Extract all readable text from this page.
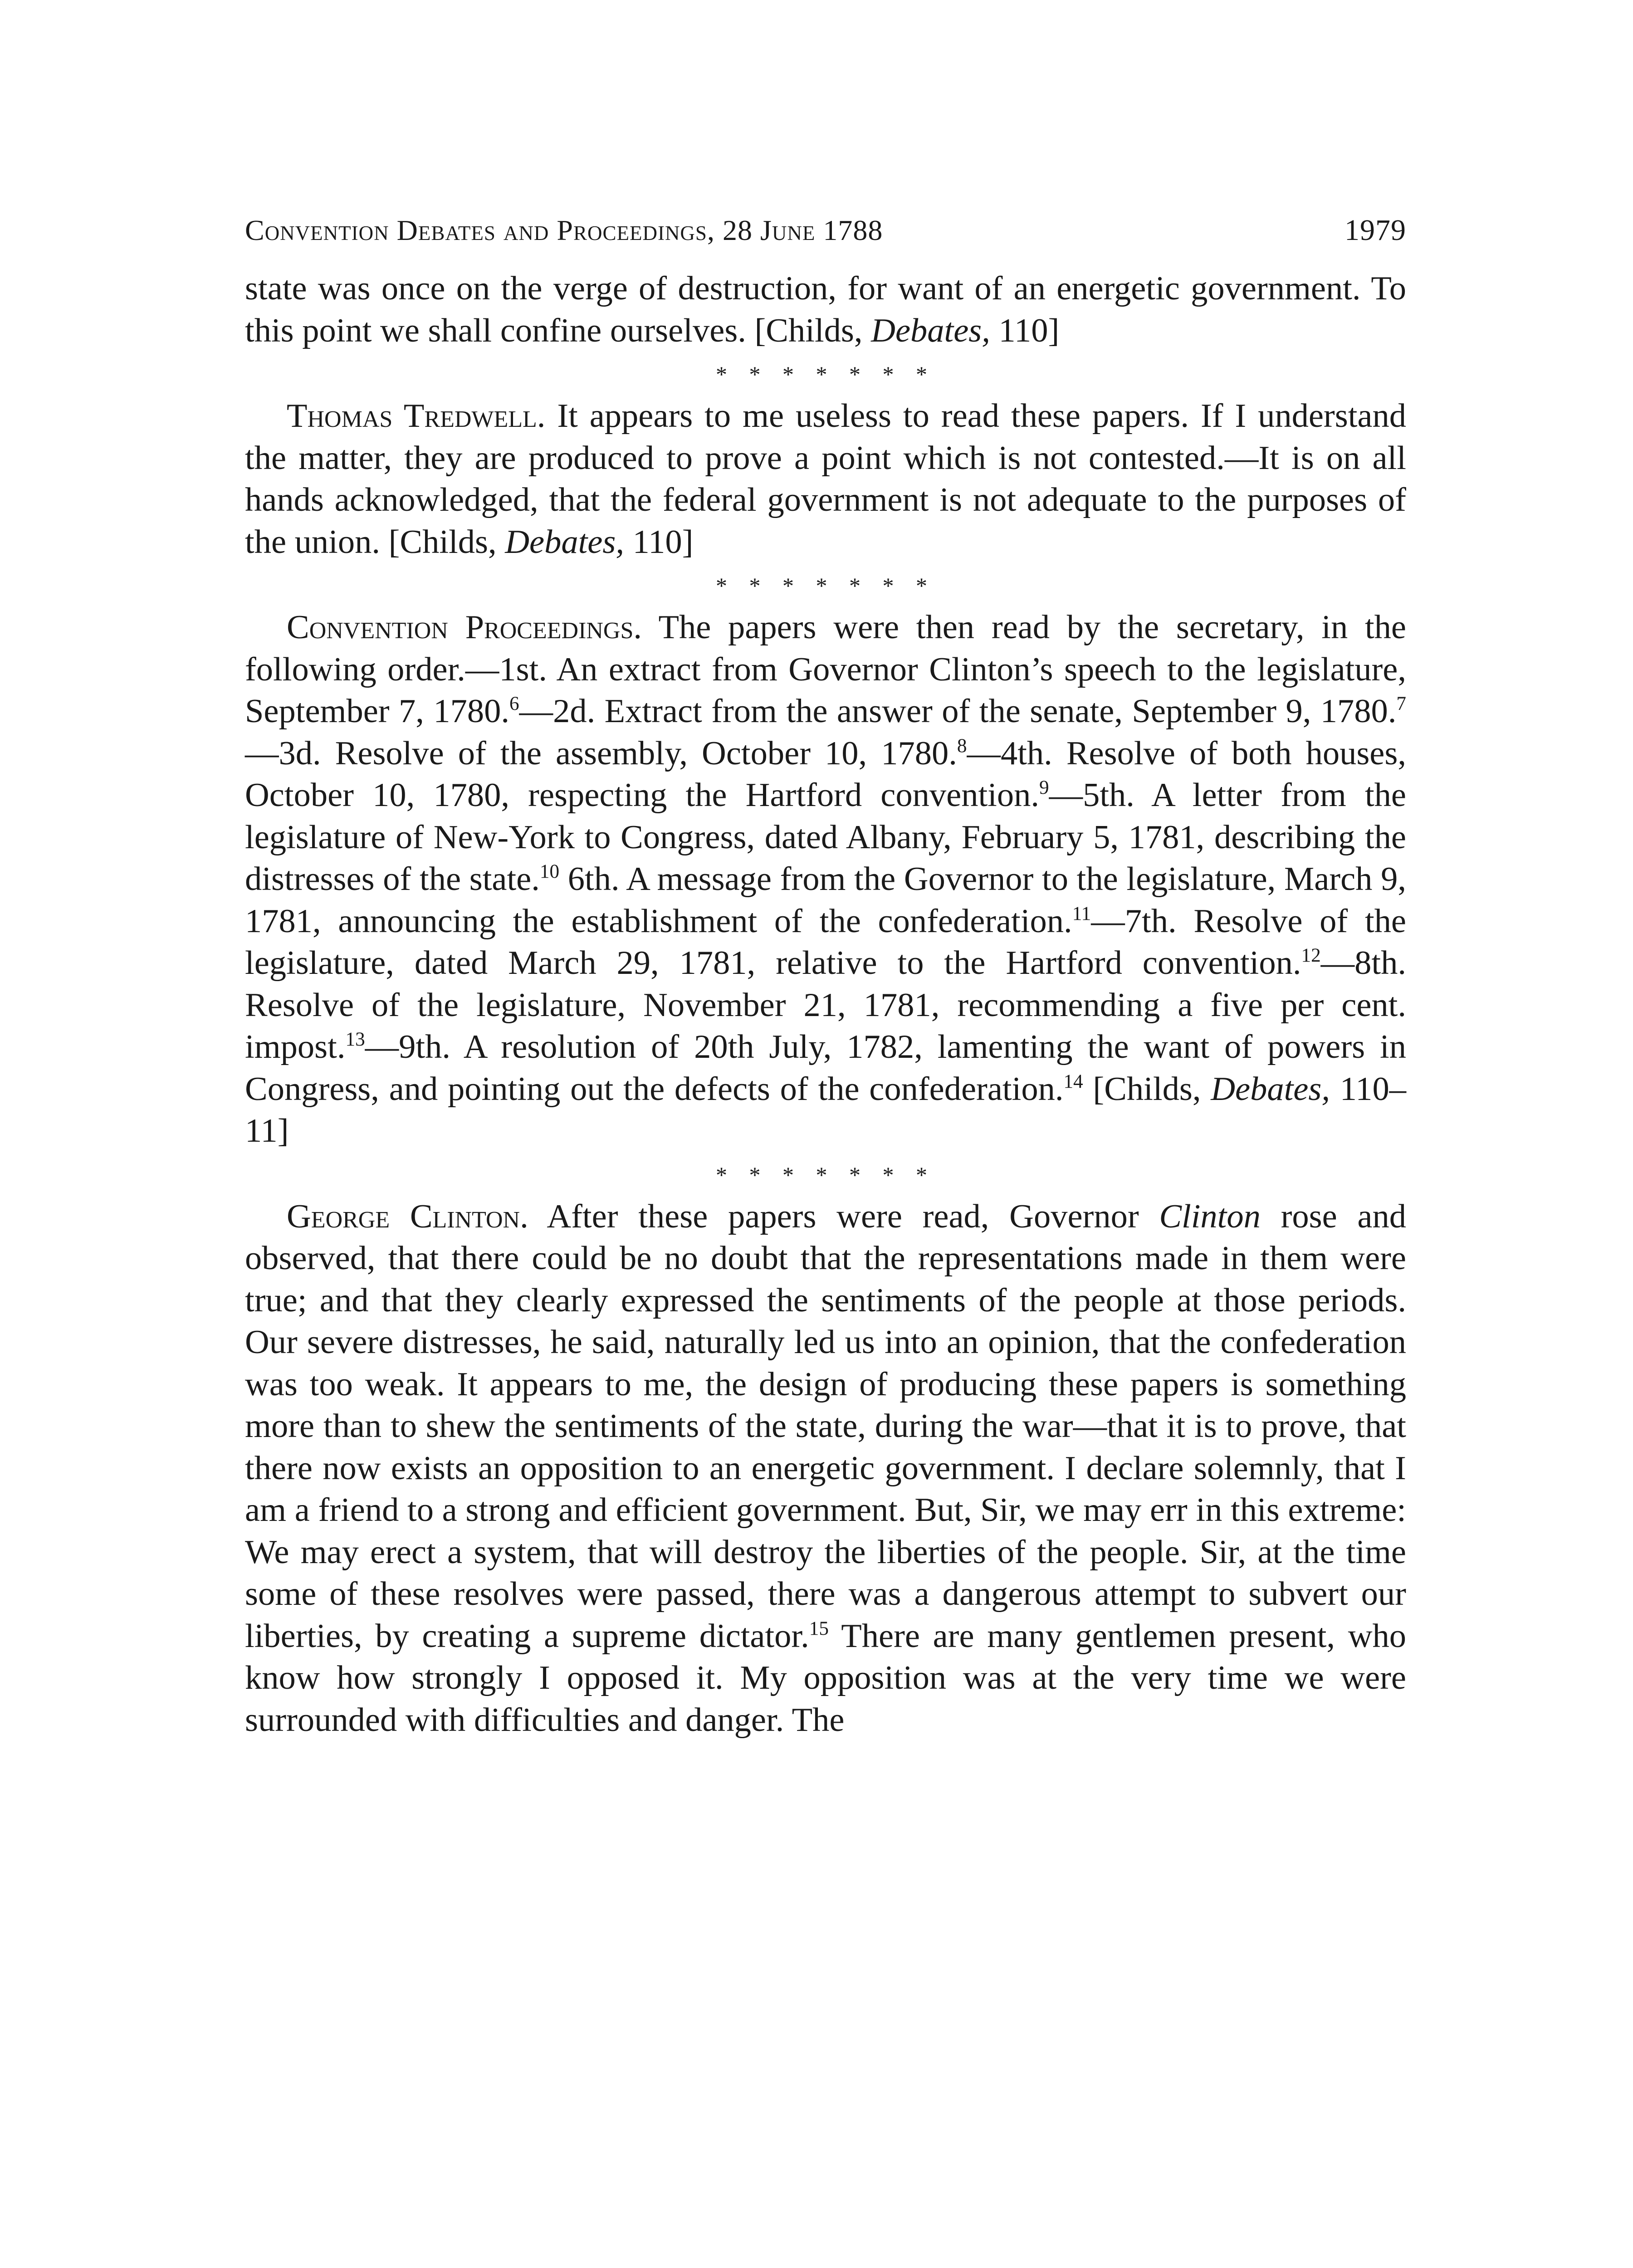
Convention Debates and Proceedings, 28 June 1788	1979

state was once on the verge of destruction, for want of an energetic government. To this point we shall confine ourselves. [Childs, Debates, 110]

* * * * * * *

Thomas Tredwell. It appears to me useless to read these papers. If I understand the matter, they are produced to prove a point which is not contested.—It is on all hands acknowledged, that the federal government is not adequate to the purposes of the union. [Childs, Debates, 110]

* * * * * * *

Convention Proceedings. The papers were then read by the secretary, in the following order.—1st. An extract from Governor Clinton’s speech to the legislature, September 7, 1780.$^6$—2d. Extract from the answer of the senate, September 9, 1780.$^7$—3d. Resolve of the assembly, October 10, 1780.$^8$—4th. Resolve of both houses, October 10, 1780, respecting the Hartford convention.$^9$—5th. A letter from the legislature of New-York to Congress, dated Albany, February 5, 1781, describing the distresses of the state.$^{10}$ 6th. A message from the Governor to the legislature, March 9, 1781, announcing the establishment of the confederation.$^{11}$—7th. Resolve of the legislature, dated March 29, 1781, relative to the Hartford convention.$^{12}$—8th. Resolve of the legislature, November 21, 1781, recommending a five per cent. impost.$^{13}$—9th. A resolution of 20th July, 1782, lamenting the want of powers in Congress, and pointing out the defects of the confederation.$^{14}$ [Childs, Debates, 110–11]

* * * * * * *

George Clinton. After these papers were read, Governor Clinton rose and observed, that there could be no doubt that the representations made in them were true; and that they clearly expressed the sentiments of the people at those periods. Our severe distresses, he said, naturally led us into an opinion, that the confederation was too weak. It appears to me, the design of producing these papers is something more than to shew the sentiments of the state, during the war—that it is to prove, that there now exists an opposition to an energetic government. I declare solemnly, that I am a friend to a strong and efficient government. But, Sir, we may err in this extreme: We may erect a system, that will destroy the liberties of the people. Sir, at the time some of these resolves were passed, there was a dangerous attempt to subvert our liberties, by creating a supreme dictator.$^{15}$ There are many gentlemen present, who know how strongly I opposed it. My opposition was at the very time we were surrounded with difficulties and danger. The
